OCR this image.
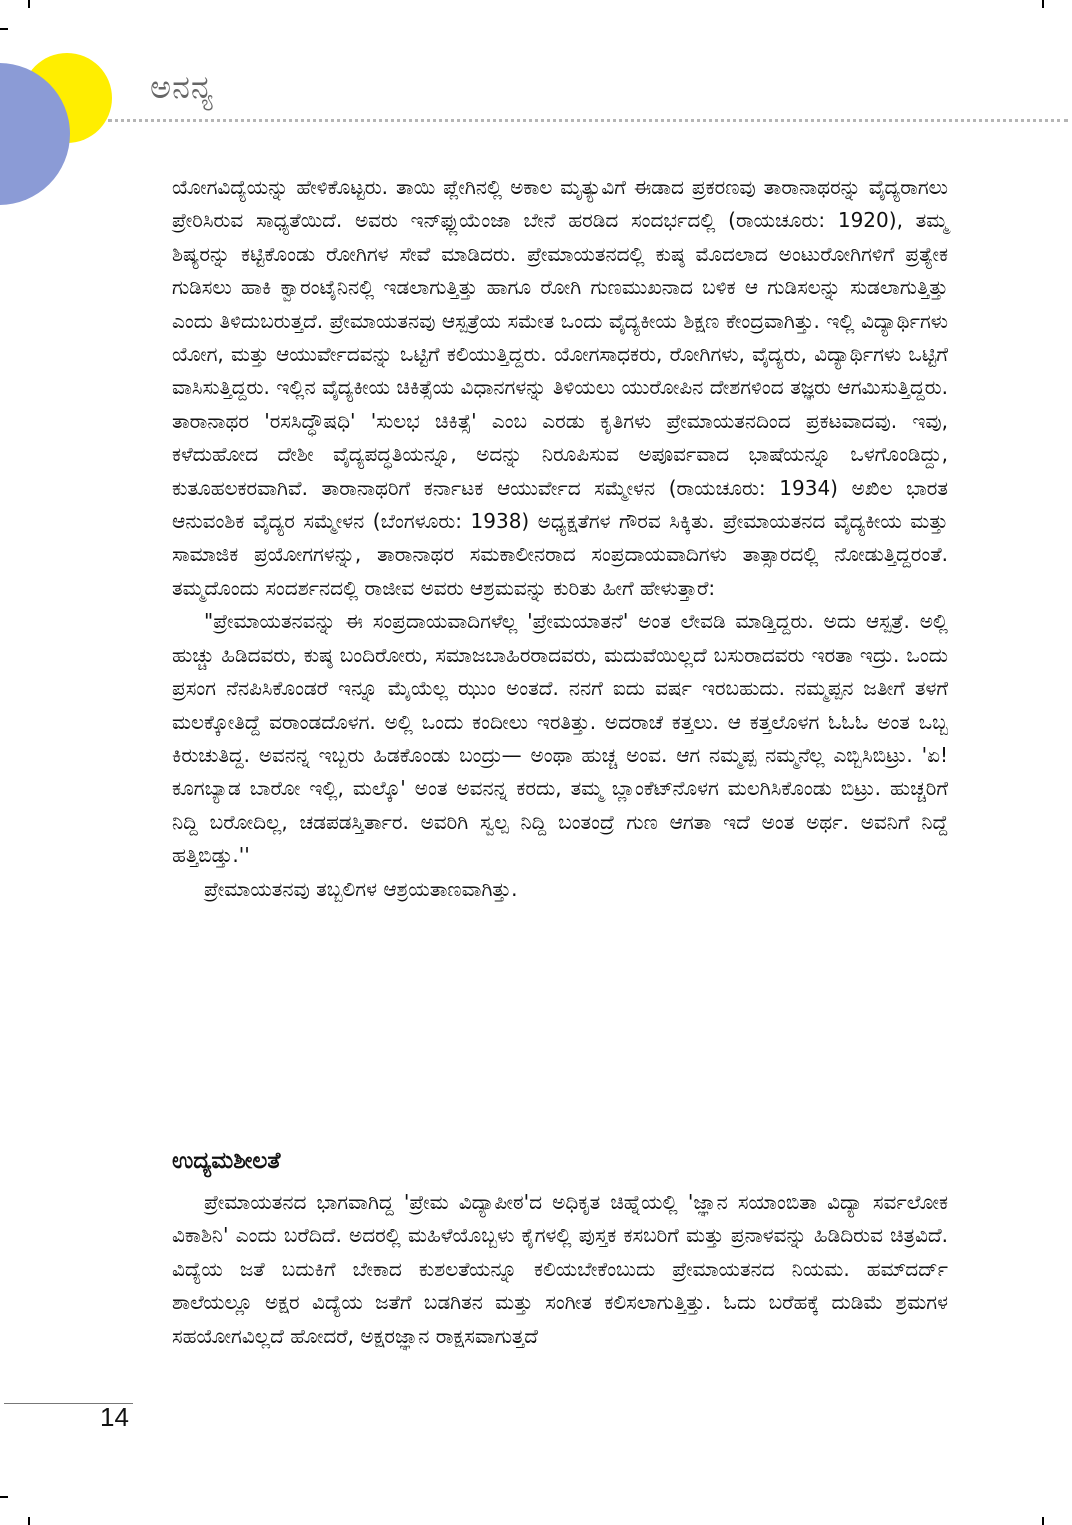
ಅನನ್ಯ

ಯೋಗವಿದ್ಯೆಯನ್ನು ಹೇಳಿಕೊಟ್ಟರು. ತಾಯಿ ಪ್ಲೇಗಿನಲ್ಲಿ ಅಕಾಲ ಮೃತ್ಯುವಿಗೆ ಈಡಾದ ಪ್ರಕರಣವು ತಾರಾನಾಥರನ್ನು ವೈದ್ಯರಾಗಲು ಪ್ರೇರಿಸಿರುವ ಸಾಧ್ಯತೆಯಿದೆ. ಅವರು ಇನ್‍ಫ್ಲುಯೆಂಜಾ ಬೇನೆ ಹರಡಿದ ಸಂದರ್ಭದಲ್ಲಿ (ರಾಯಚೂರು: 1920), ತಮ್ಮ ಶಿಷ್ಯರನ್ನು ಕಟ್ಟಿಕೊಂಡು ರೋಗಿಗಳ ಸೇವೆ ಮಾಡಿದರು. ಪ್ರೇಮಾಯತನದಲ್ಲಿ ಕುಷ್ಠ ಮೊದಲಾದ ಅಂಟುರೋಗಿಗಳಿಗೆ ಪ್ರತ್ಯೇಕ ಗುಡಿಸಲು ಹಾಕಿ ಕ್ವಾರಂಟೈನಿನಲ್ಲಿ ಇಡಲಾಗುತ್ತಿತ್ತು ಹಾಗೂ ರೋಗಿ ಗುಣಮುಖನಾದ ಬಳಿಕ ಆ ಗುಡಿಸಲನ್ನು ಸುಡಲಾಗುತ್ತಿತ್ತು ಎಂದು ತಿಳಿದುಬರುತ್ತದೆ. ಪ್ರೇಮಾಯತನವು ಆಸ್ಪತ್ರೆಯ ಸಮೇತ ಒಂದು ವೈದ್ಯಕೀಯ ಶಿಕ್ಷಣ ಕೇಂದ್ರವಾಗಿತ್ತು. ಇಲ್ಲಿ ವಿದ್ಯಾರ್ಥಿಗಳು ಯೋಗ, ಮತ್ತು ಆಯುರ್ವೇದವನ್ನು ಒಟ್ಟಿಗೆ ಕಲಿಯುತ್ತಿದ್ದರು. ಯೋಗಸಾಧಕರು, ರೋಗಿಗಳು, ವೈದ್ಯರು, ವಿದ್ಯಾರ್ಥಿಗಳು ಒಟ್ಟಿಗೆ ವಾಸಿಸುತ್ತಿದ್ದರು. ಇಲ್ಲಿನ ವೈದ್ಯಕೀಯ ಚಿಕಿತ್ಸೆಯ ವಿಧಾನಗಳನ್ನು ತಿಳಿಯಲು ಯುರೋಪಿನ ದೇಶಗಳಿಂದ ತಜ್ಞರು ಆಗಮಿಸುತ್ತಿದ್ದರು. ತಾರಾನಾಥರ 'ರಸಸಿದ್ಧೌಷಧಿ' 'ಸುಲಭ ಚಿಕಿತ್ಸೆ' ಎಂಬ ಎರಡು ಕೃತಿಗಳು ಪ್ರೇಮಾಯತನದಿಂದ ಪ್ರಕಟವಾದವು. ಇವು, ಕಳೆದುಹೋದ ದೇಶೀ ವೈದ್ಯಪದ್ಧತಿಯನ್ನೂ, ಅದನ್ನು ನಿರೂಪಿಸುವ ಅಪೂರ್ವವಾದ ಭಾಷೆಯನ್ನೂ ಒಳಗೊಂಡಿದ್ದು, ಕುತೂಹಲಕರವಾಗಿವೆ. ತಾರಾನಾಥರಿಗೆ ಕರ್ನಾಟಕ ಆಯುರ್ವೇದ ಸಮ್ಮೇಳನ (ರಾಯಚೂರು: 1934) ಅಖಿಲ ಭಾರತ ಆನುವಂಶಿಕ ವೈದ್ಯರ ಸಮ್ಮೇಳನ (ಬೆಂಗಳೂರು: 1938) ಅಧ್ಯಕ್ಷತೆಗಳ ಗೌರವ ಸಿಕ್ಕಿತು. ಪ್ರೇಮಾಯತನದ ವೈದ್ಯಕೀಯ ಮತ್ತು ಸಾಮಾಜಿಕ ಪ್ರಯೋಗಗಳನ್ನು, ತಾರಾನಾಥರ ಸಮಕಾಲೀನರಾದ ಸಂಪ್ರದಾಯವಾದಿಗಳು ತಾತ್ಸಾರದಲ್ಲಿ ನೋಡುತ್ತಿದ್ದರಂತೆ. ತಮ್ಮದೊಂದು ಸಂದರ್ಶನದಲ್ಲಿ ರಾಜೀವ ಅವರು ಆಶ್ರಮವನ್ನು ಕುರಿತು ಹೀಗೆ ಹೇಳುತ್ತಾರೆ:

"ಪ್ರೇಮಾಯತನವನ್ನು ಈ ಸಂಪ್ರದಾಯವಾದಿಗಳೆಲ್ಲ 'ಪ್ರೇಮಯಾತನೆ' ಅಂತ ಲೇವಡಿ ಮಾಡ್ತಿದ್ದರು. ಅದು ಆಸ್ಪತ್ರೆ. ಅಲ್ಲಿ ಹುಚ್ಚು ಹಿಡಿದವರು, ಕುಷ್ಠ ಬಂದಿರೋರು, ಸಮಾಜಬಾಹಿರರಾದವರು, ಮದುವೆಯಿಲ್ಲದೆ ಬಸುರಾದವರು ಇರತಾ ಇದ್ರು. ಒಂದು ಪ್ರಸಂಗ ನೆನಪಿಸಿಕೊಂಡರೆ ಇನ್ನೂ ಮೈಯೆಲ್ಲ ಝುಂ ಅಂತದೆ. ನನಗೆ ಐದು ವರ್ಷ ಇರಬಹುದು. ನಮ್ಮಪ್ಪನ ಜತೀಗೆ ತಳಗೆ ಮಲಕ್ಕೋತಿದ್ದೆ ವರಾಂಡದೊಳಗ. ಅಲ್ಲಿ ಒಂದು ಕಂದೀಲು ಇರತಿತ್ತು. ಅದರಾಚೆ ಕತ್ತಲು. ಆ ಕತ್ತಲೊಳಗ ಓಓಓ ಅಂತ ಒಬ್ಬ ಕಿರುಚುತಿದ್ದ. ಅವನನ್ನ ಇಬ್ಬರು ಹಿಡಕೊಂಡು ಬಂದ್ರು— ಅಂಥಾ ಹುಚ್ಚ ಅಂವ. ಆಗ ನಮ್ಮಪ್ಪ ನಮ್ಮನೆಲ್ಲ ಎಬ್ಬಿಸಿಬಿಟ್ರು. 'ಏ! ಕೂಗಬ್ಯಾಡ ಬಾರೋ ಇಲ್ಲಿ, ಮಲ್ಕೊ' ಅಂತ ಅವನನ್ನ ಕರದು, ತಮ್ಮ ಬ್ಲಾಂಕೆಟ್‍ನೊಳಗ ಮಲಗಿಸಿಕೊಂಡು ಬಿಟ್ರು. ಹುಚ್ಚರಿಗೆ ನಿದ್ದಿ ಬರೋದಿಲ್ಲ, ಚಡಪಡಸ್ತಿರ್ತಾರ. ಅವರಿಗಿ ಸ್ವಲ್ಪ ನಿದ್ದಿ ಬಂತಂದ್ರೆ ಗುಣ ಆಗತಾ ಇದೆ ಅಂತ ಅರ್ಥ. ಅವನಿಗೆ ನಿದ್ದೆ ಹತ್ತಿಬಿಡ್ತು.''

ಪ್ರೇಮಾಯತನವು ತಬ್ಬಲಿಗಳ ಆಶ್ರಯತಾಣವಾಗಿತ್ತು.

ಉದ್ಯಮಶೀಲತೆ

ಪ್ರೇಮಾಯತನದ ಭಾಗವಾಗಿದ್ದ 'ಪ್ರೇಮ ವಿದ್ಯಾಪೀಠ'ದ ಅಧಿಕೃತ ಚಿಹ್ನೆಯಲ್ಲಿ 'ಜ್ಞಾನ ಸಯಾಂಬಿತಾ ವಿದ್ಯಾ ಸರ್ವಲೋಕ ವಿಕಾಶಿನಿ' ಎಂದು ಬರೆದಿದೆ. ಅದರಲ್ಲಿ ಮಹಿಳೆಯೊಬ್ಬಳು ಕೈಗಳಲ್ಲಿ ಪುಸ್ತಕ ಕಸಬರಿಗೆ ಮತ್ತು ಪ್ರನಾಳವನ್ನು ಹಿಡಿದಿರುವ ಚಿತ್ರವಿದೆ. ವಿದ್ಯೆಯ ಜತೆ ಬದುಕಿಗೆ ಬೇಕಾದ ಕುಶಲತೆಯನ್ನೂ ಕಲಿಯಬೇಕೆಂಬುದು ಪ್ರೇಮಾಯತನದ ನಿಯಮ. ಹಮ್‍ದರ್ದ್ ಶಾಲೆಯಲ್ಲೂ ಅಕ್ಷರ ವಿದ್ಯೆಯ ಜತೆಗೆ ಬಡಗಿತನ ಮತ್ತು ಸಂಗೀತ ಕಲಿಸಲಾಗುತ್ತಿತ್ತು. ಓದು ಬರೆಹಕ್ಕೆ ದುಡಿಮೆ ಶ್ರಮಗಳ ಸಹಯೋಗವಿಲ್ಲದೆ ಹೋದರೆ, ಅಕ್ಷರಜ್ಞಾನ ರಾಕ್ಷಸವಾಗುತ್ತದೆ

14
